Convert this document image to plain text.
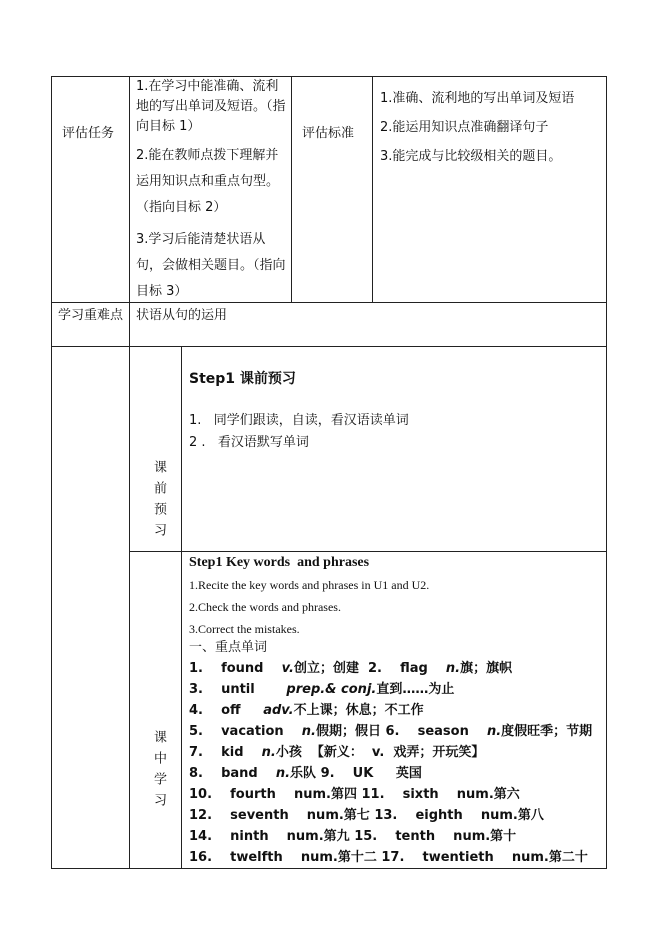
评估任务
1.在学习中能准确、流利地的写出单词及短语。（指向目标 1）
2.能在教师点拨下理解并运用知识点和重点句型。（指向目标 2）
3.学习后能清楚状语从句，会做相关题目。（指向目标 3）
评估标准
1.准确、流利地的写出单词及短语
2.能运用知识点准确翻译句子
3.能完成与比较级相关的题目。
学习重难点 状语从句的运用
课前预习
Step1 课前预习
1.   同学们跟读，自读，看汉语读单词
2 .   看汉语默写单词
课中学习
Step1 Key words  and phrases
1.Recite the key words and phrases in U1 and U2.
2.Check the words and phrases.
3.Correct the mistakes.
一、重点单词
1.    found    v.创立；创建  2.    flag    n.旗；旗帜
3.    until       prep.& conj.直到……为止
4.    off     adv.不上课；休息；不工作
5.    vacation    n.假期；假日 6.    season    n.度假旺季；节期
7.    kid    n.小孩  【新义：  v.  戏弄；开玩笑】
8.    band    n.乐队 9.    UK     英国
10.    fourth    num.第四 11.    sixth    num.第六
12.    seventh    num.第七 13.    eighth    num.第八
14.    ninth    num.第九 15.    tenth    num.第十
16.    twelfth    num.第十二 17.    twentieth    num.第二十
